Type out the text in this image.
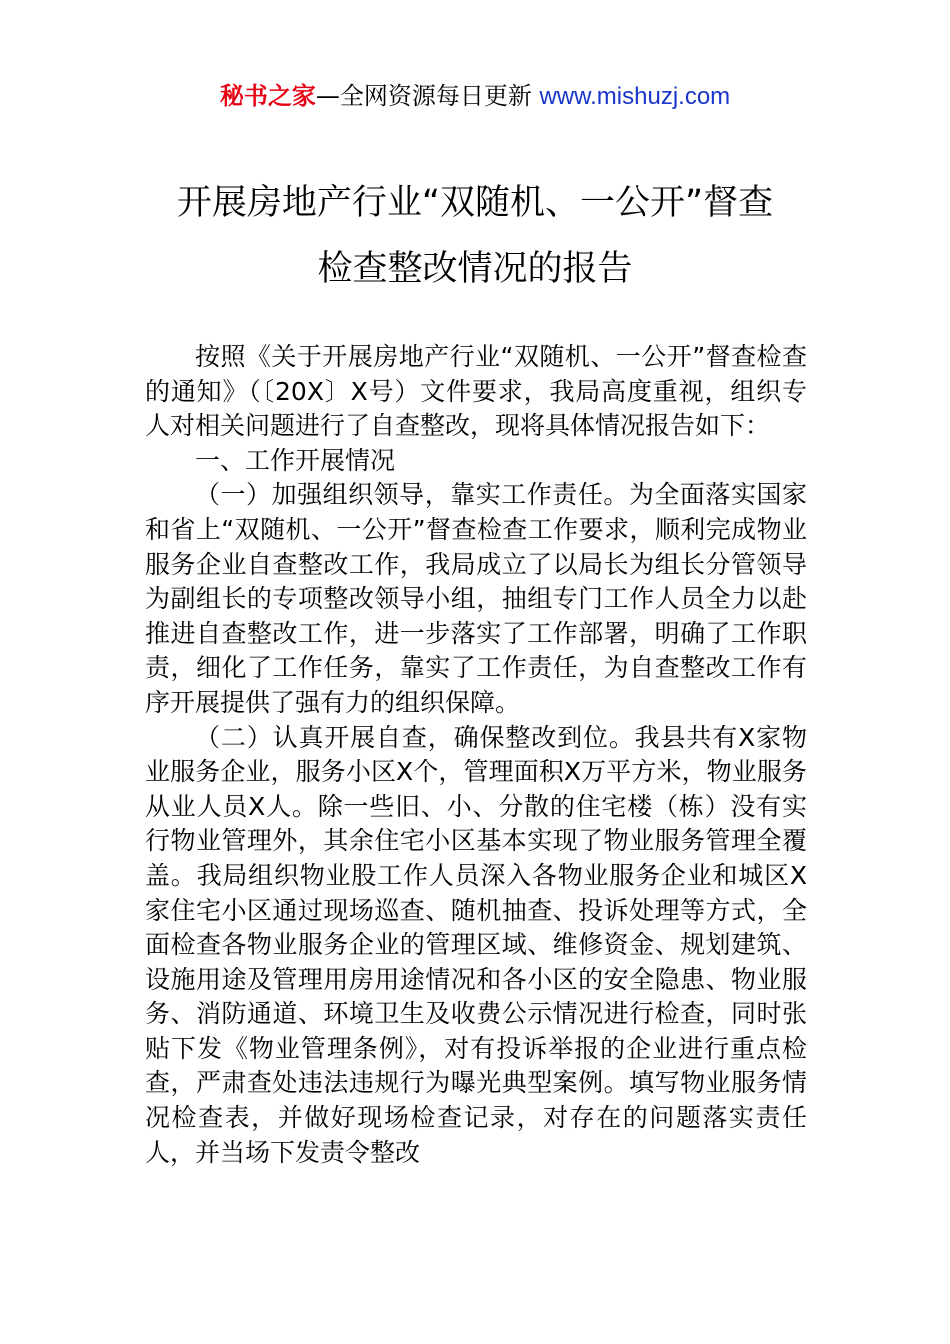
秘书之家—全网资源每日更新 www.mishuzj.com
开展房地产行业“双随机、一公开”督查
检查整改情况的报告

按照《关于开展房地产行业“双随机、一公开”督查检查的通知》（〔20X〕X号）文件要求，我局高度重视，组织专人对相关问题进行了自查整改，现将具体情况报告如下：

一、工作开展情况

（一）加强组织领导，靠实工作责任。为全面落实国家和省上“双随机、一公开”督查检查工作要求，顺利完成物业服务企业自查整改工作，我局成立了以局长为组长分管领导为副组长的专项整改领导小组，抽组专门工作人员全力以赴推进自查整改工作，进一步落实了工作部署，明确了工作职责，细化了工作任务，靠实了工作责任，为自查整改工作有序开展提供了强有力的组织保障。

（二）认真开展自查，确保整改到位。我县共有X家物业服务企业，服务小区X个，管理面积X万平方米，物业服务从业人员X人。除一些旧、小、分散的住宅楼（栋）没有实行物业管理外，其余住宅小区基本实现了物业服务管理全覆盖。我局组织物业股工作人员深入各物业服务企业和城区X家住宅小区通过现场巡查、随机抽查、投诉处理等方式，全面检查各物业服务企业的管理区域、维修资金、规划建筑、设施用途及管理用房用途情况和各小区的安全隐患、物业服务、消防通道、环境卫生及收费公示情况进行检查，同时张贴下发《物业管理条例》，对有投诉举报的企业进行重点检查，严肃查处违法违规行为曝光典型案例。填写物业服务情况检查表，并做好现场检查记录，对存在的问题落实责任人，并当场下发责令整改
